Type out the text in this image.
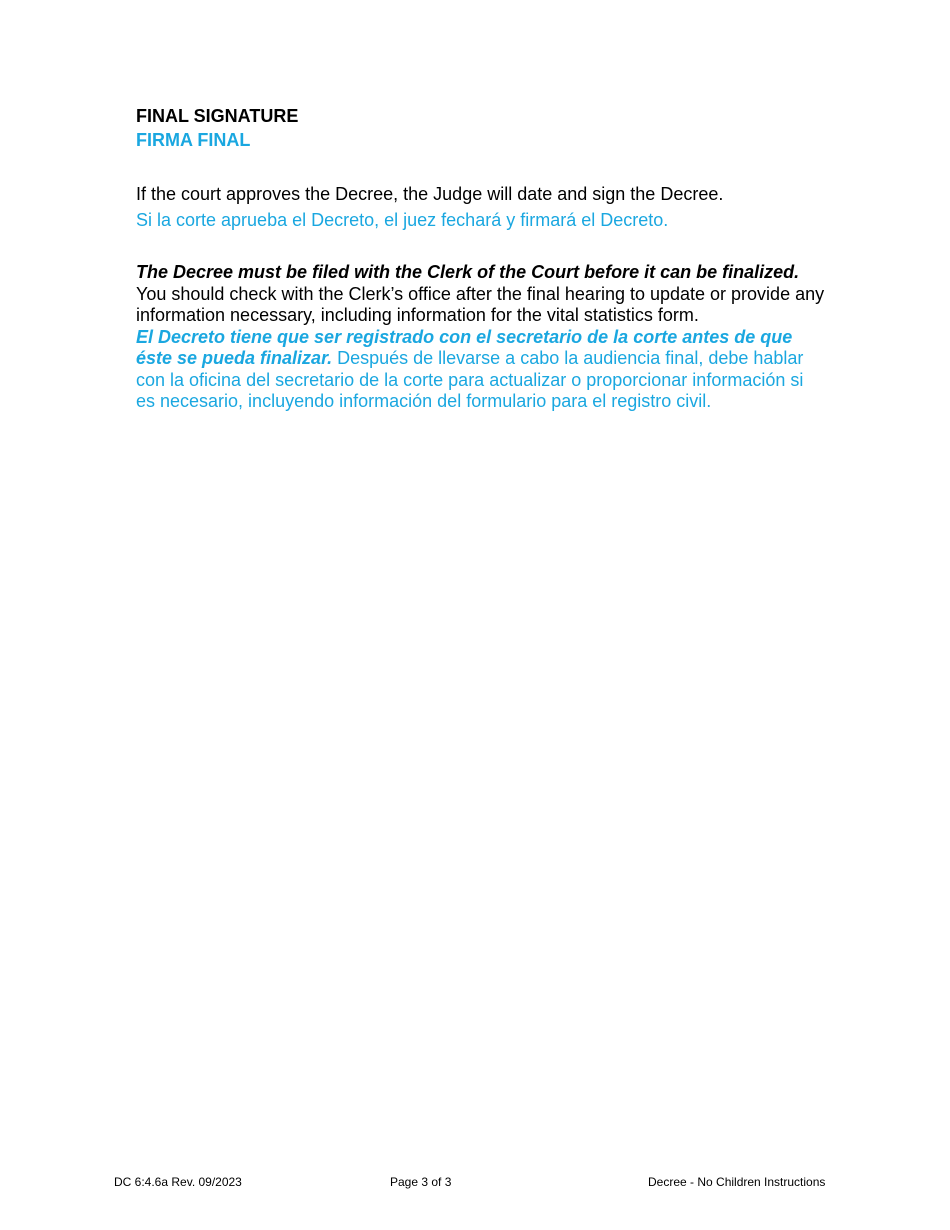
FINAL SIGNATURE

FIRMA FINAL

If the court approves the Decree, the Judge will date and sign the Decree.

Si la corte aprueba el Decreto, el juez fechará y firmará el Decreto.

The Decree must be filed with the Clerk of the Court before it can be finalized.
You should check with the Clerk’s office after the final hearing to update or provide any information necessary, including information for the vital statistics form.

El Decreto tiene que ser registrado con el secretario de la corte antes de que éste se pueda finalizar. Después de llevarse a cabo la audiencia final, debe hablar con la oficina del secretario de la corte para actualizar o proporcionar información si es necesario, incluyendo información del formulario para el registro civil.

DC 6:4.6a Rev. 09/2023	Page 3 of 3	Decree - No Children Instructions
